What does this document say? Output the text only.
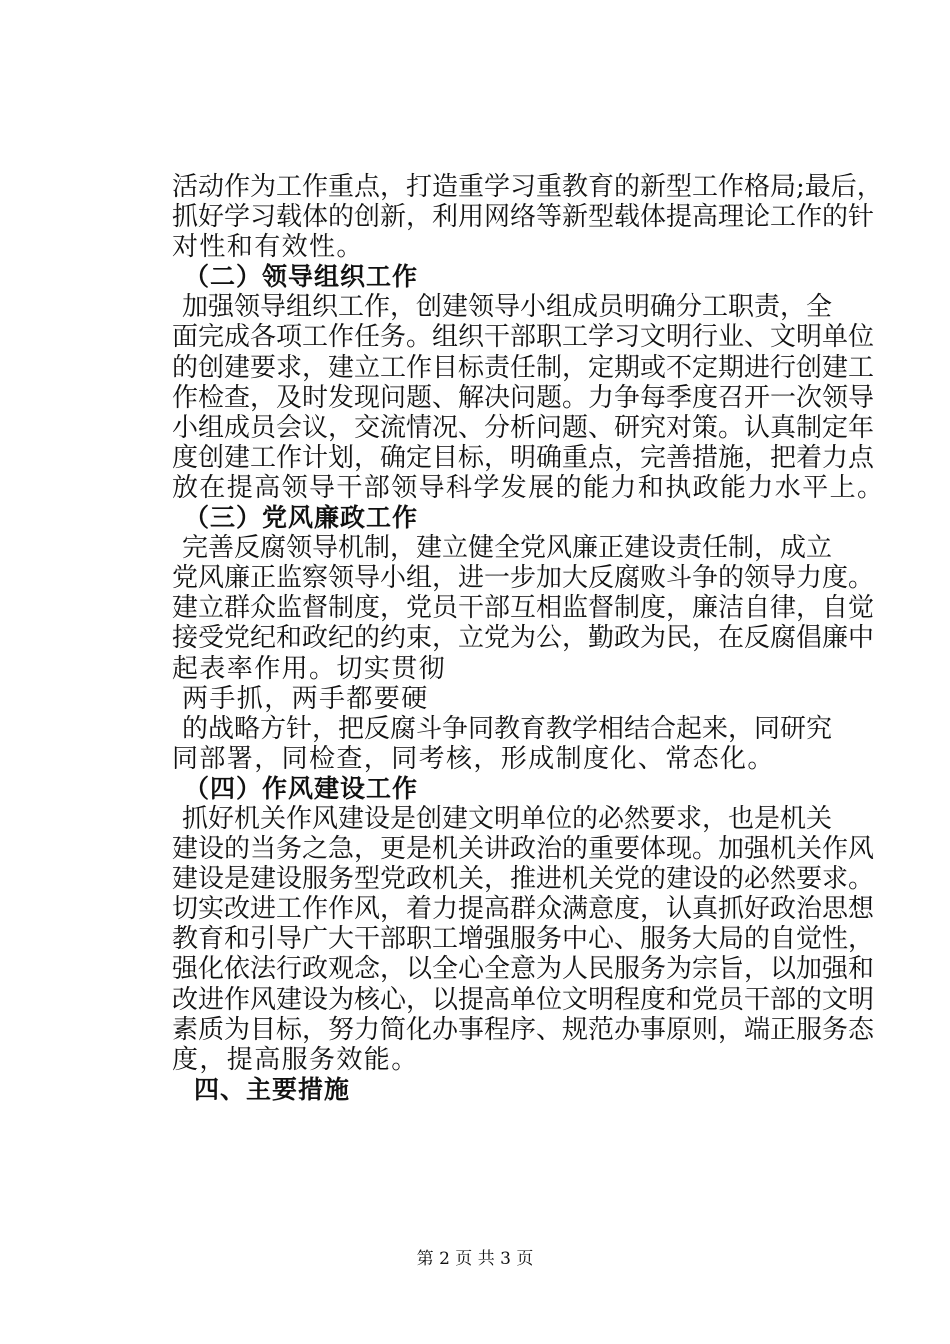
活动作为工作重点，打造重学习重教育的新型工作格局;最后，
抓好学习载体的创新，利用网络等新型载体提高理论工作的针
对性和有效性。
（二）领导组织工作
加强领导组织工作，创建领导小组成员明确分工职责，全
面完成各项工作任务。组织干部职工学习文明行业、文明单位
的创建要求，建立工作目标责任制，定期或不定期进行创建工
作检查，及时发现问题、解决问题。力争每季度召开一次领导
小组成员会议，交流情况、分析问题、研究对策。认真制定年
度创建工作计划，确定目标，明确重点，完善措施，把着力点
放在提高领导干部领导科学发展的能力和执政能力水平上。
（三）党风廉政工作
完善反腐领导机制，建立健全党风廉正建设责任制，成立
党风廉正监察领导小组，进一步加大反腐败斗争的领导力度。
建立群众监督制度，党员干部互相监督制度，廉洁自律，自觉
接受党纪和政纪的约束，立党为公，勤政为民，在反腐倡廉中
起表率作用。切实贯彻
两手抓，两手都要硬
的战略方针，把反腐斗争同教育教学相结合起来，同研究
同部署，同检查，同考核，形成制度化、常态化。
（四）作风建设工作
抓好机关作风建设是创建文明单位的必然要求，也是机关
建设的当务之急，更是机关讲政治的重要体现。加强机关作风
建设是建设服务型党政机关，推进机关党的建设的必然要求。
切实改进工作作风，着力提高群众满意度，认真抓好政治思想
教育和引导广大干部职工增强服务中心、服务大局的自觉性，
强化依法行政观念，以全心全意为人民服务为宗旨，以加强和
改进作风建设为核心，以提高单位文明程度和党员干部的文明
素质为目标，努力简化办事程序、规范办事原则，端正服务态
度，提高服务效能。
四、主要措施
第 2 页 共 3 页
